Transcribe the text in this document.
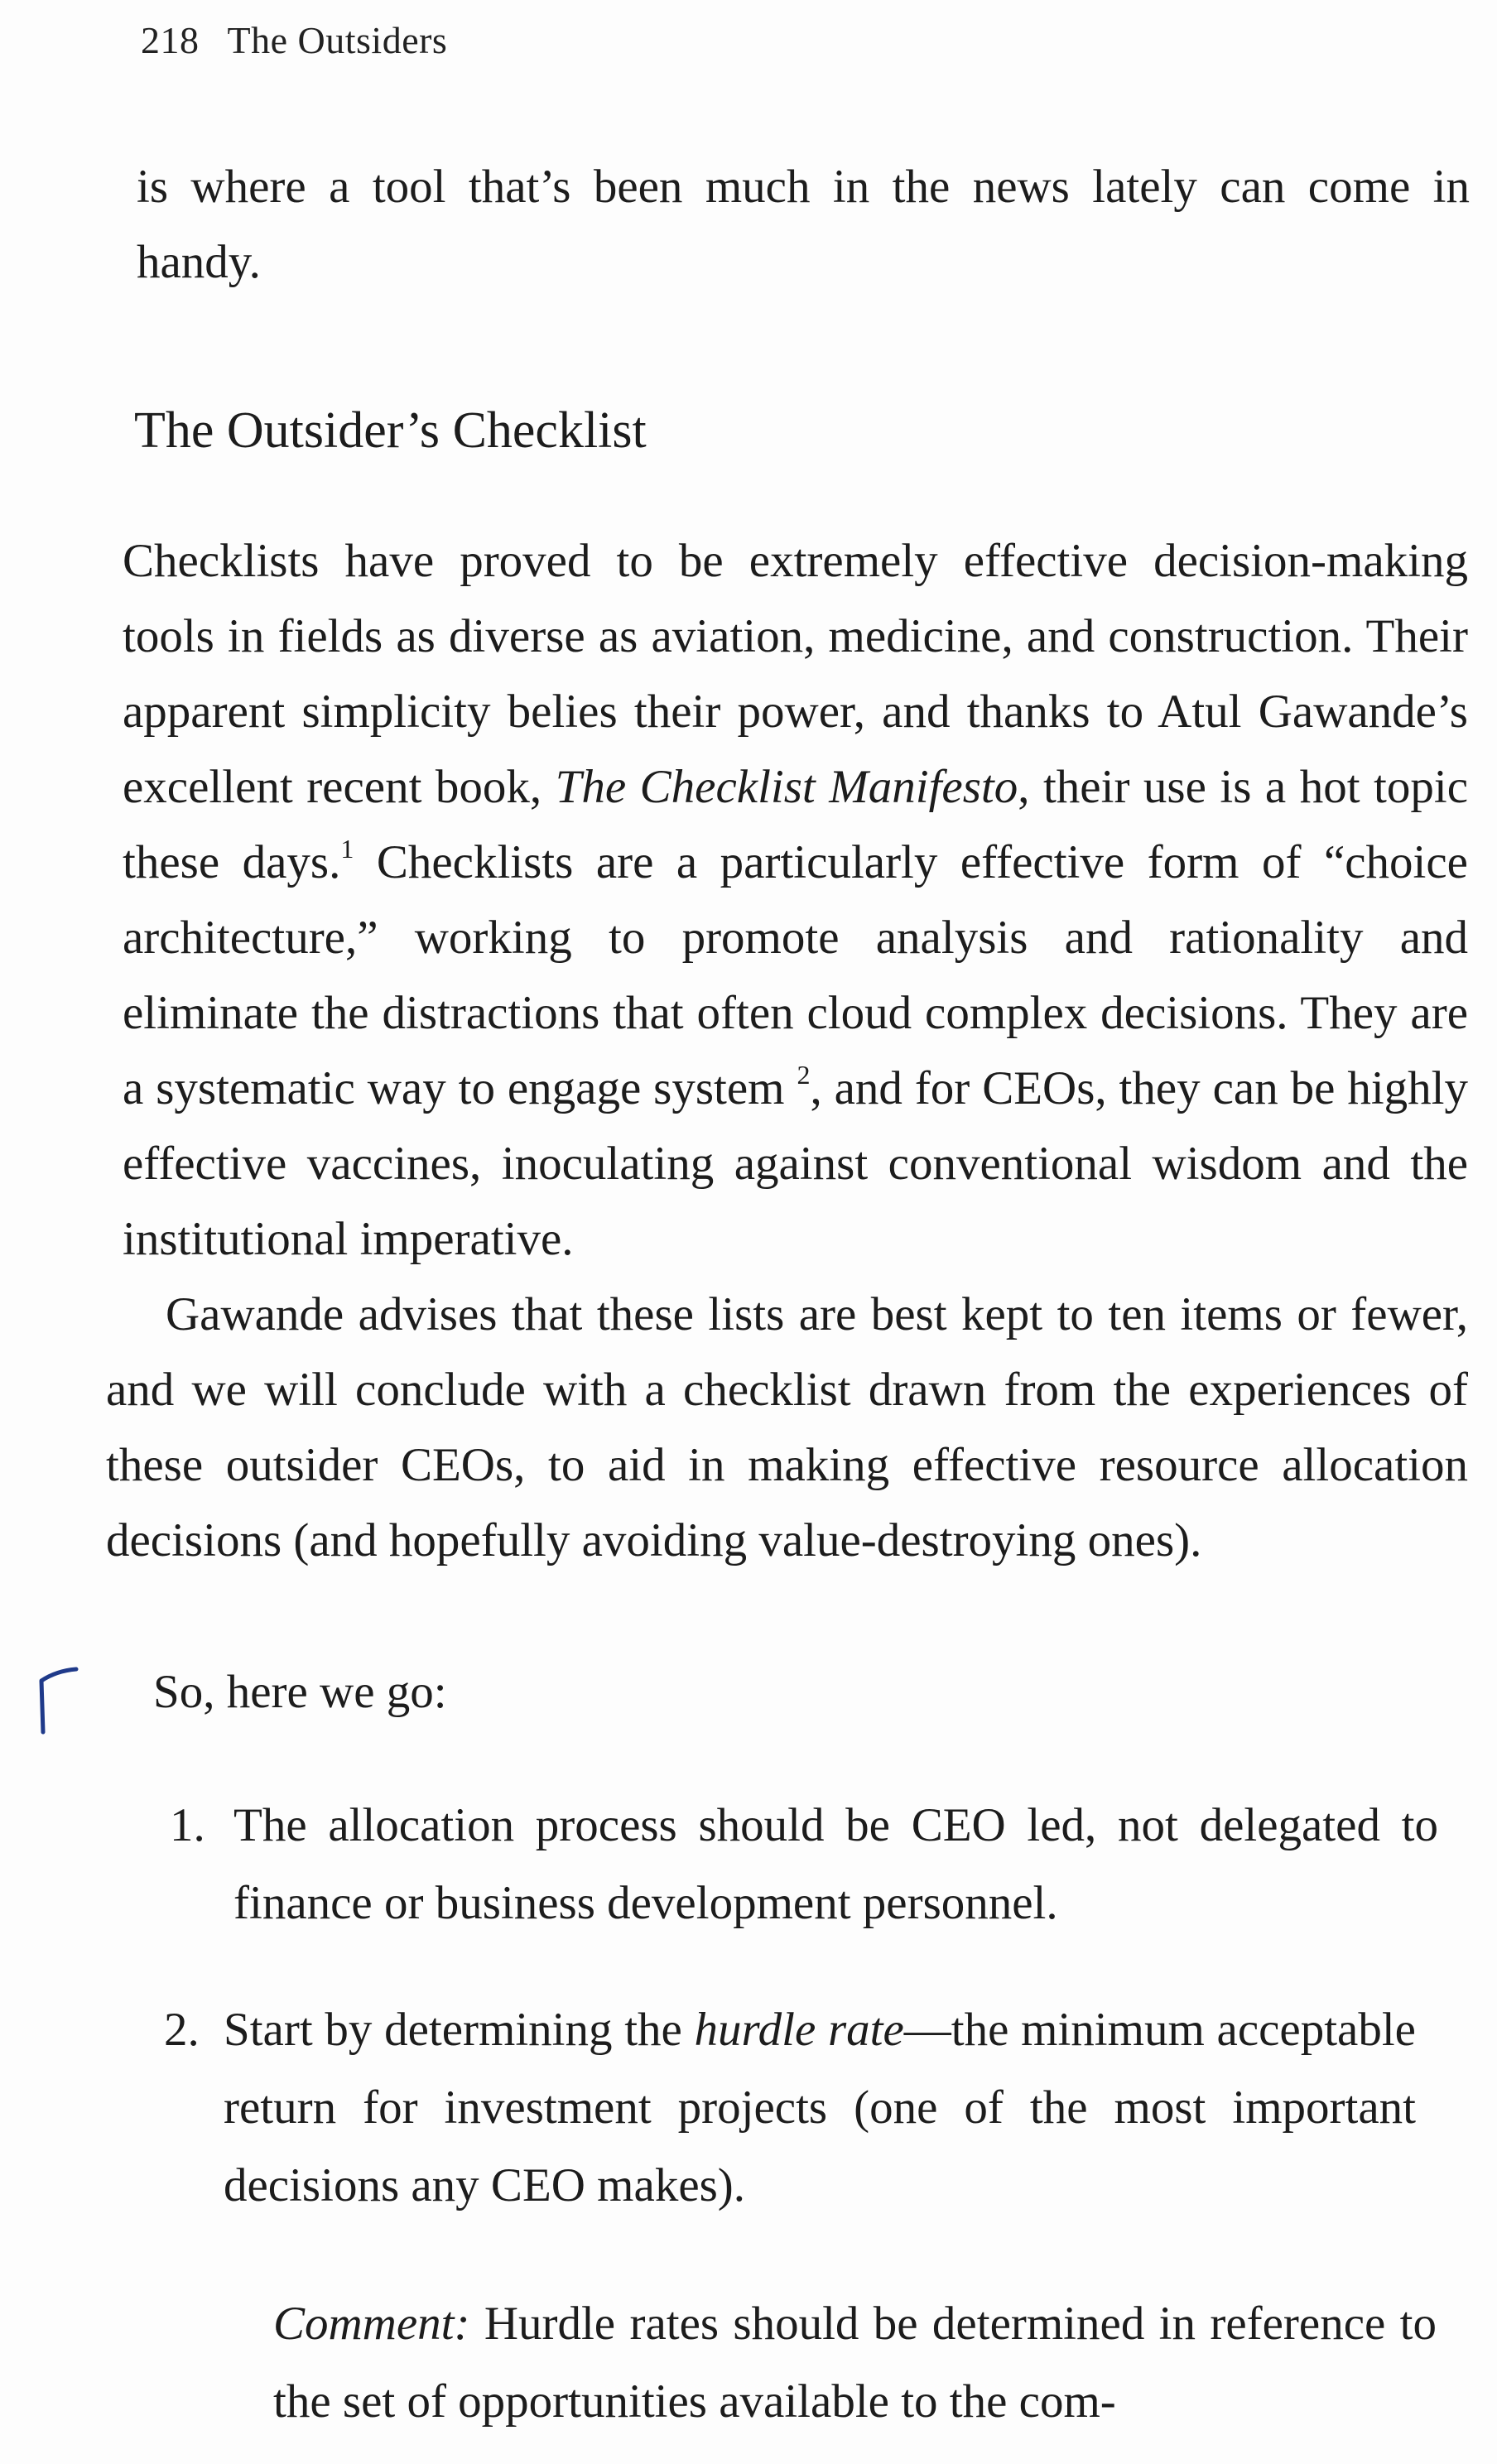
218 The Outsiders
is where a tool that’s been much in the news lately can come in
handy.
The Outsider’s Checklist
Checklists have proved to be extremely effective decision-making tools in fields as diverse as aviation, medicine, and construction. Their apparent simplicity belies their power, and thanks to Atul Gawande’s excellent recent book, The Checklist Manifesto, their use is a hot topic these days.$^1$ Checklists are a particularly effective form of “choice architecture,” working to promote analysis and rationality and eliminate the distractions that often cloud complex decisions. They are a systematic way to engage system $^2$, and for CEOs, they can be highly effective vaccines, inoculating against conventional wisdom and the institutional imperative.
Gawande advises that these lists are best kept to ten items or fewer, and we will conclude with a checklist drawn from the experiences of these outsider CEOs, to aid in making effective resource allocation decisions (and hopefully avoiding value-destroying ones).
So, here we go:
1. The allocation process should be CEO led, not delegated to finance or business development personnel.
2. Start by determining the hurdle rate—the minimum acceptable return for investment projects (one of the most important decisions any CEO makes).
Comment: Hurdle rates should be determined in reference to the set of opportunities available to the com-
